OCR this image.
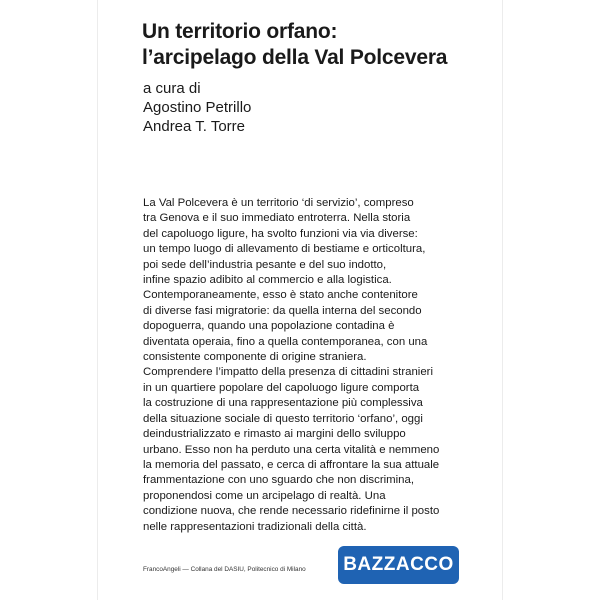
Un territorio orfano:
l’arcipelago della Val Polcevera
a cura di
Agostino Petrillo
Andrea T. Torre
La Val Polcevera è un territorio ‘di servizio’, compreso
tra Genova e il suo immediato entroterra. Nella storia
del capoluogo ligure, ha svolto funzioni via via diverse:
un tempo luogo di allevamento di bestiame e orticoltura,
poi sede dell’industria pesante e del suo indotto,
infine spazio adibito al commercio e alla logistica.
Contemporaneamente, esso è stato anche contenitore
di diverse fasi migratorie: da quella interna del secondo
dopoguerra, quando una popolazione contadina è
diventata operaia, fino a quella contemporanea, con una
consistente componente di origine straniera.
Comprendere l’impatto della presenza di cittadini stranieri
in un quartiere popolare del capoluogo ligure comporta
la costruzione di una rappresentazione più complessiva
della situazione sociale di questo territorio ‘orfano’, oggi
deindustrializzato e rimasto ai margini dello sviluppo
urbano. Esso non ha perduto una certa vitalità e nemmeno
la memoria del passato, e cerca di affrontare la sua attuale
frammentazione con uno sguardo che non discrimina,
proponendosi come un arcipelago di realtà. Una
condizione nuova, che rende necessario ridefinirne il posto
nelle rappresentazioni tradizionali della città.
FrancoAngeli — Collana del DASIU, Politecnico di Milano BAZZACCO
